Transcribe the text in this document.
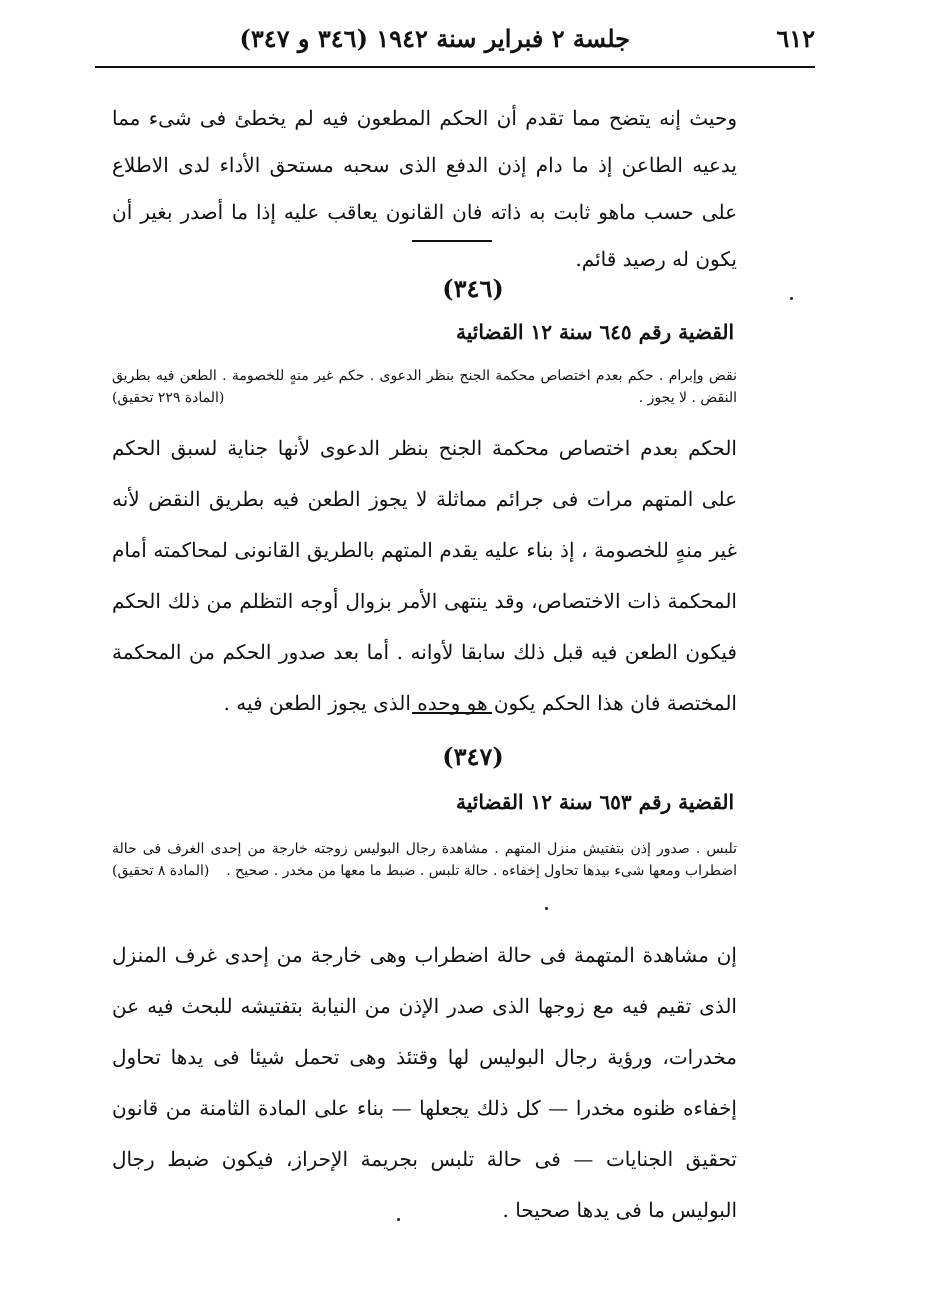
٦١٢
جلسة ٢ فبراير سنة ١٩٤٢ (٣٤٦ و ٣٤٧)
وحيث إنه يتضح مما تقدم أن الحكم المطعون فيه لم يخطئ فى شىء مما يدعيه الطاعن إذ ما دام إذن الدفع الذى سحبه مستحق الأداء لدى الاطلاع على حسب ماهو ثابت به ذاته فان القانون يعاقب عليه إذا ما أصدر بغير أن يكون له رصيد قائم.
(٣٤٦)
القضية رقم ٦٤٥ سنة ١٢ القضائية
نقض وإبرام . حكم بعدم اختصاص محكمة الجنح بنظر الدعوى . حكم غير منهٍ للخصومة . الطعن فيه بطريق النقض . لا يجوز .
(المادة ٢٢٩ تحقيق)
الحكم بعدم اختصاص محكمة الجنح بنظر الدعوى لأنها جناية لسبق الحكم على المتهم مرات فى جرائم مماثلة لا يجوز الطعن فيه بطريق النقض لأنه غير منهٍ للخصومة ، إذ بناء عليه يقدم المتهم بالطريق القانونى لمحاكمته أمام المحكمة ذات الاختصاص، وقد ينتهى الأمر بزوال أوجه التظلم من ذلك الحكم فيكون الطعن فيه قبل ذلك سابقا لأوانه . أما بعد صدور الحكم من المحكمة المختصة فان هذا الحكم يكون هو وحده الذى يجوز الطعن فيه .
(٣٤٧)
القضية رقم ٦٥٣ سنة ١٢ القضائية
تلبس . صدور إذن بتفتيش منزل المتهم . مشاهدة رجال البوليس زوجته خارجة من إحدى الغرف فى حالة اضطراب ومعها شىء بيدها تحاول إخفاءه . حالة تلبس . ضبط ما معها من مخدر . صحيح .
(المادة ٨ تحقيق)
إن مشاهدة المتهمة فى حالة اضطراب وهى خارجة من إحدى غرف المنزل الذى تقيم فيه مع زوجها الذى صدر الإذن من النيابة بتفتيشه للبحث فيه عن مخدرات، ورؤية رجال البوليس لها وقتئذ وهى تحمل شيئا فى يدها تحاول إخفاءه ظنوه مخدرا — كل ذلك يجعلها — بناء على المادة الثامنة من قانون تحقيق الجنايات — فى حالة تلبس بجريمة الإحراز، فيكون ضبط رجال البوليس ما فى يدها صحيحا .
